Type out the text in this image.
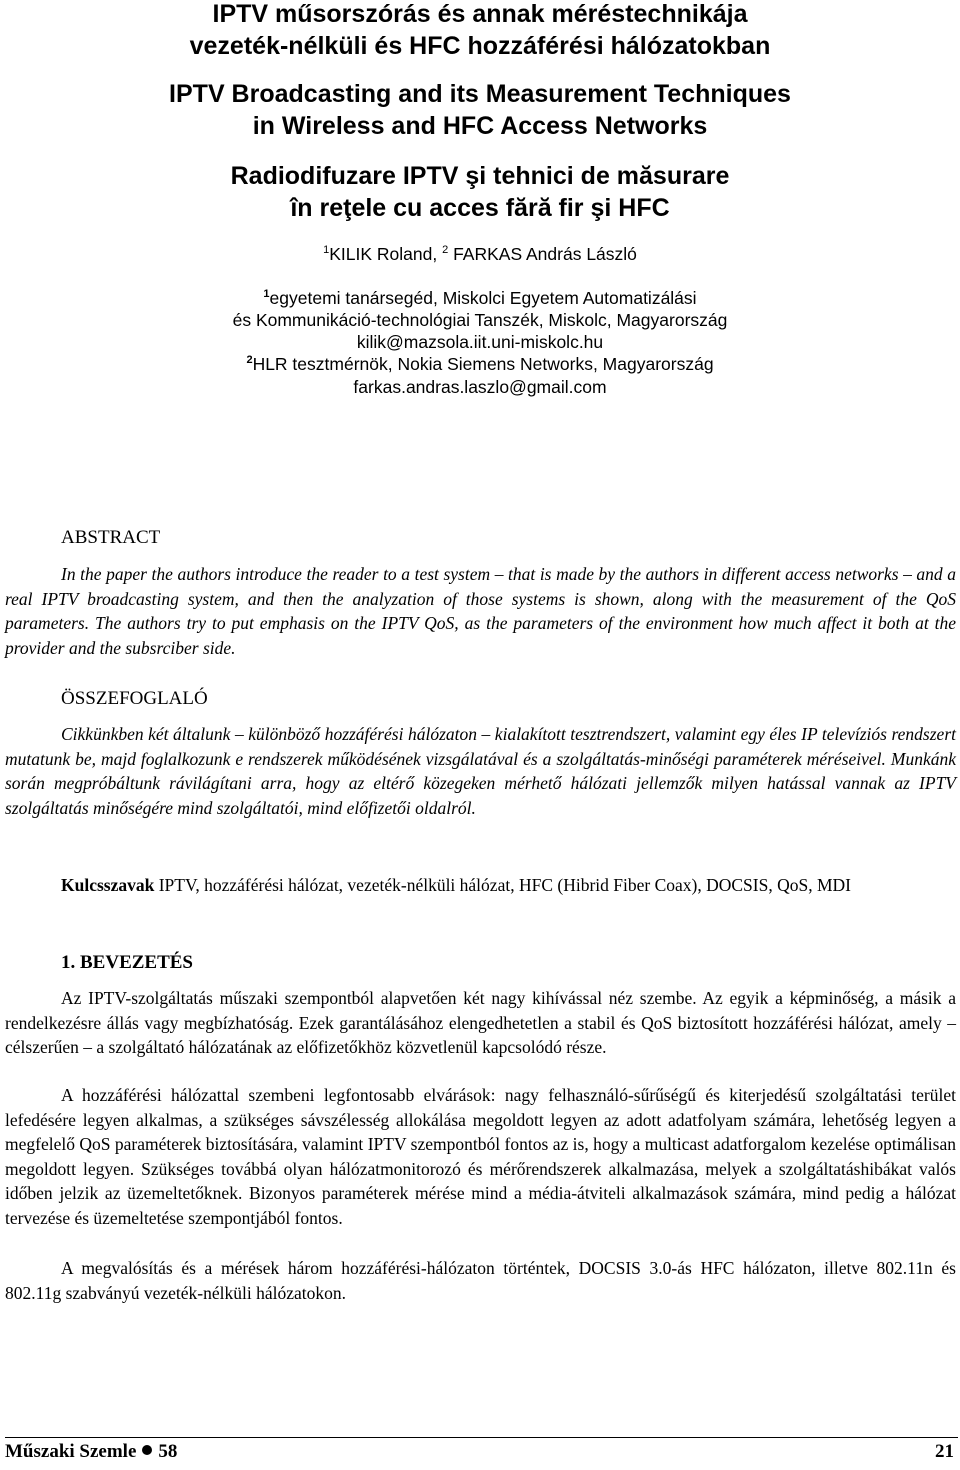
IPTV műsorszórás és annak méréstechnikája
vezeték-nélküli és HFC hozzáférési hálózatokban
IPTV Broadcasting and its Measurement Techniques
in Wireless and HFC Access Networks
Radiodifuzare IPTV şi tehnici de măsurare
în reţele cu acces fără fir şi HFC
$^1$KILIK Roland, $^2$ FARKAS András László
$^1$egyetemi tanársegéd, Miskolci Egyetem Automatizálási
és Kommunikáció-technológiai Tanszék, Miskolc, Magyarország
kilik@mazsola.iit.uni-miskolc.hu
$^2$HLR tesztmérnök, Nokia Siemens Networks, Magyarország
farkas.andras.laszlo@gmail.com
ABSTRACT

In the paper the authors introduce the reader to a test system – that is made by the authors in different access networks – and a real IPTV broadcasting system, and then the analyzation of those systems is shown, along with the measurement of the QoS parameters. The authors try to put emphasis on the IPTV QoS, as the parameters of the environment how much affect it both at the provider and the subsrciber side.

ÖSSZEFOGLALÓ

Cikkünkben két általunk – különböző hozzáférési hálózaton – kialakított tesztrendszert, valamint egy éles IP televíziós rendszert mutatunk be, majd foglalkozunk e rendszerek működésének vizsgálatával és a szolgáltatás-minőségi paraméterek méréseivel. Munkánk során megpróbáltunk rávilágítani arra, hogy az eltérő közegeken mérhető hálózati jellemzők milyen hatással vannak az IPTV szolgáltatás minőségére mind szolgáltatói, mind előfizetői oldalról.

Kulcsszavak IPTV, hozzáférési hálózat, vezeték-nélküli hálózat, HFC (Hibrid Fiber Coax), DOCSIS, QoS, MDI

1. BEVEZETÉS

Az IPTV-szolgáltatás műszaki szempontból alapvetően két nagy kihívással néz szembe. Az egyik a képminőség, a másik a rendelkezésre állás vagy megbízhatóság. Ezek garantálásához elengedhetetlen a stabil és QoS biztosított hozzáférési hálózat, amely – célszerűen – a szolgáltató hálózatának az előfizetőkhöz közvetlenül kapcsolódó része.

A hozzáférési hálózattal szembeni legfontosabb elvárások: nagy felhasználó-sűrűségű és kiterjedésű szolgáltatási terület lefedésére legyen alkalmas, a szükséges sávszélesség allokálása megoldott legyen az adott adatfolyam számára, lehetőség legyen a megfelelő QoS paraméterek biztosítására, valamint IPTV szempontból fontos az is, hogy a multicast adatforgalom kezelése optimálisan megoldott legyen. Szükséges továbbá olyan hálózatmonitorozó és mérőrendszerek alkalmazása, melyek a szolgáltatáshibákat valós időben jelzik az üzemeltetőknek. Bizonyos paraméterek mérése mind a média-átviteli alkalmazások számára, mind pedig a hálózat tervezése és üzemeltetése szempontjából fontos.

A megvalósítás és a mérések három hozzáférési-hálózaton történtek, DOCSIS 3.0-ás HFC hálózaton, illetve 802.11n és 802.11g szabványú vezeték-nélküli hálózatokon.

Műszaki Szemle 58	21
